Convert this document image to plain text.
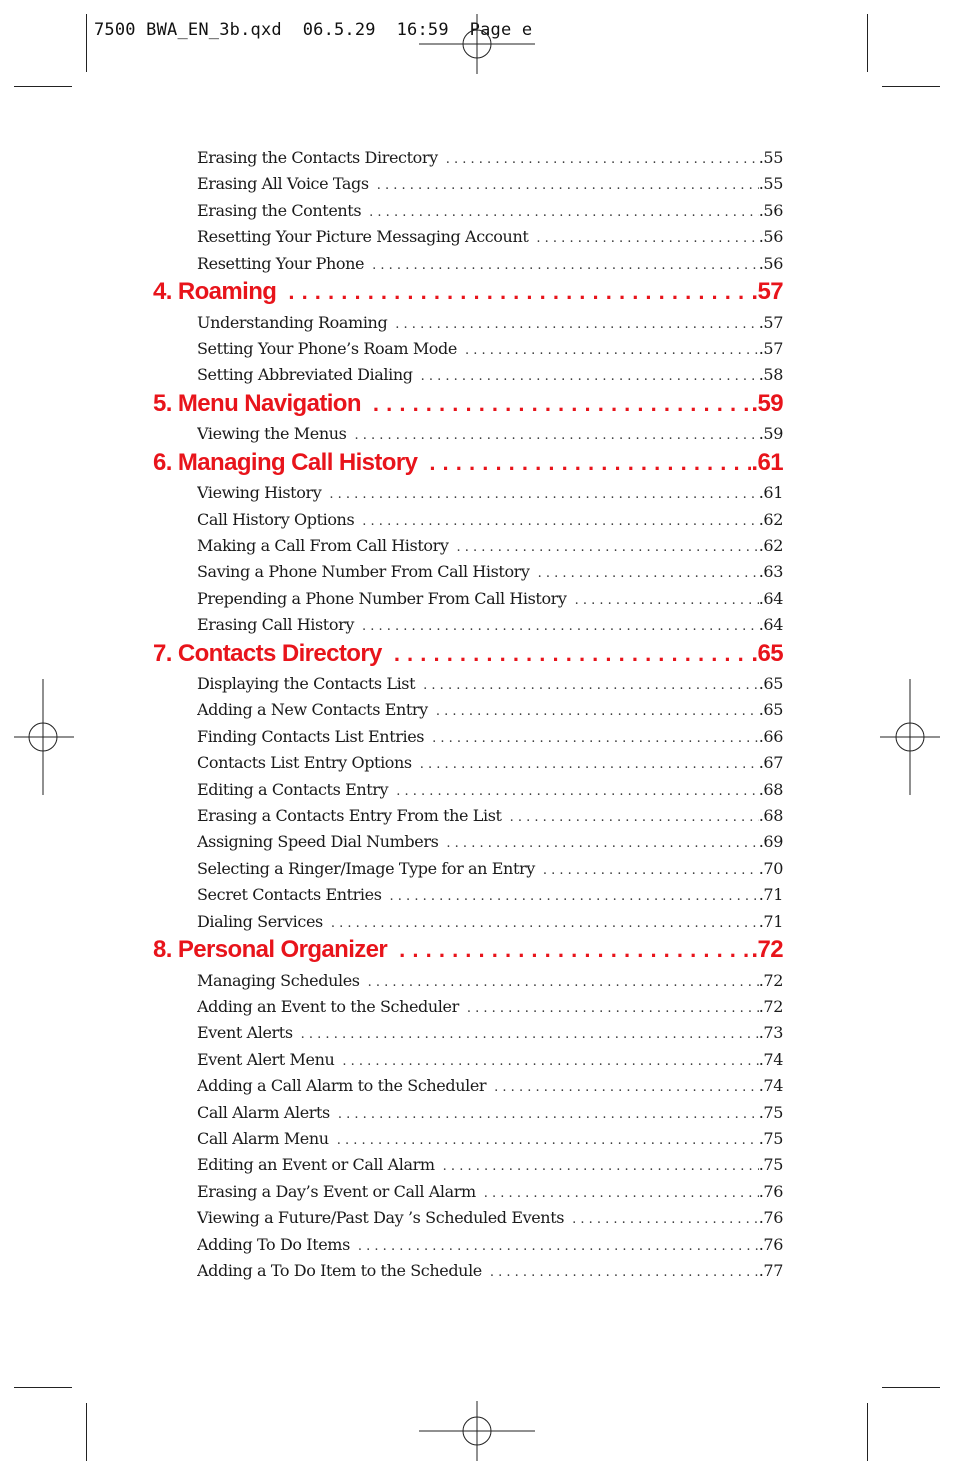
7500 BWA_EN_3b.qxd  06.5.29  16:59  Page e
Erasing the Contacts Directory . . .	.55
Erasing All Voice Tags . . .	.55
Erasing the Contents . . .	.56
Resetting Your Picture Messaging Account . . .	.56
Resetting Your Phone . . .	.56
4. Roaming . . .	.57
Understanding Roaming . . .	.57
Setting Your Phone’s Roam Mode . . .	.57
Setting Abbreviated Dialing . . .	.58
5. Menu Navigation . . .	.59
Viewing the Menus . . .	.59
6. Managing Call History . . .	.61
Viewing History . . .	.61
Call History Options . . .	.62
Making a Call From Call History . . .	.62
Saving a Phone Number From Call History . . .	.63
Prepending a Phone Number From Call History . . .	.64
Erasing Call History . . .	.64
7. Contacts Directory . . .	.65
Displaying the Contacts List . . .	.65
Adding a New Contacts Entry . . .	.65
Finding Contacts List Entries . . .	.66
Contacts List Entry Options . . .	.67
Editing a Contacts Entry . . .	.68
Erasing a Contacts Entry From the List . . .	.68
Assigning Speed Dial Numbers . . .	.69
Selecting a Ringer/Image Type for an Entry . . .	.70
Secret Contacts Entries . . .	.71
Dialing Services . . .	.71
8. Personal Organizer . . .	.72
Managing Schedules . . .	.72
Adding an Event to the Scheduler . . .	.72
Event Alerts . . .	.73
Event Alert Menu . . .	.74
Adding a Call Alarm to the Scheduler . . .	.74
Call Alarm Alerts . . .	.75
Call Alarm Menu . . .	.75
Editing an Event or Call Alarm . . .	.75
Erasing a Day’s Event or Call Alarm . . .	.76
Viewing a Future/Past Day ’s Scheduled Events . . .	.76
Adding To Do Items . . .	.76
Adding a To Do Item to the Schedule . . .	.77
